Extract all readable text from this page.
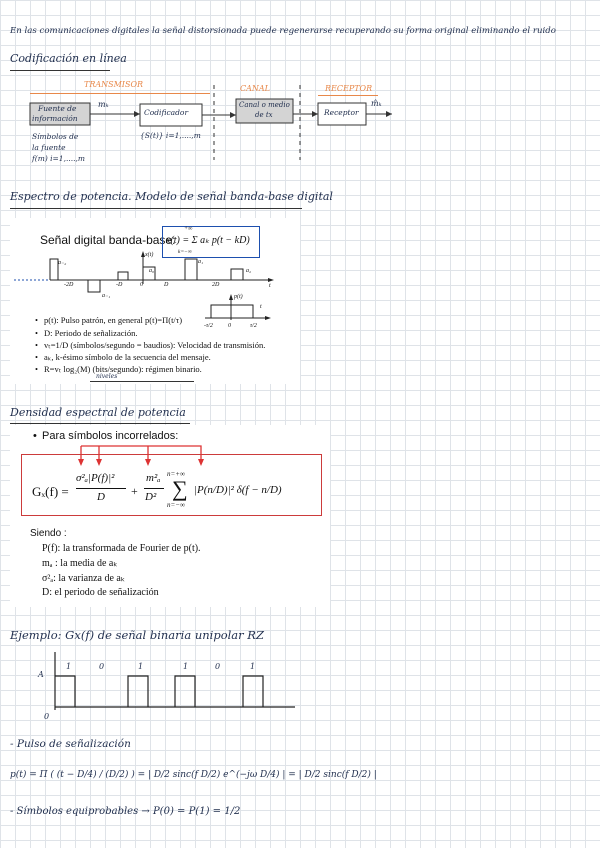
En las comunicaciones digitales la señal distorsionada puede regenerarse recuperando su forma original eliminando el ruido
Codificación en línea
TRANSMISOR	CANAL	RECEPTOR
Fuente de
información
mₖ
Codificador
Canal o medio
de tx	Receptor
m̂ₖ
Símbolos de
la fuente
f(m) i=1,....,m
{S(t)} i=1,....,m
Espectro de potencia. Modelo de señal banda-base digital
Señal digital banda-base:
x(t) = Σ aₖ p(t − kD)
+∞
k=−∞
x(t)
a₋₂
a₋₁
a₀
a₁
a₂
-2D	-D	0	D	2D	t
p(t)
t
-τ/2	0	τ/2
• p(t): Pulso patrón, en general p(t)=Π(t/τ)
• D: Periodo de señalización.
• vₜ=1/D (símbolos/segundo = baudios): Velocidad de transmisión.
• aₖ, k-ésimo símbolo de la secuencia del mensaje.
• R=vₜ log₂(M) (bits/segundo): régimen binario.
niveles
Densidad espectral de potencia
• Para símbolos incorrelados:
Gₓ(f) =
σ²ₐ|P(f)|²
D +
m²ₐ
D²
n=+∞
∑
n=−∞
|P(n/D)|² δ(f − n/D)
Siendo :
P(f): la transformada de Fourier de p(t).
mₐ : la media de aₖ
σ²ₐ: la varianza de aₖ
D: el periodo de señalización
Ejemplo: Gx(f) de señal binaria unipolar RZ
A
0
1	0	1	1	0	1
- Pulso de señalización
p(t) = Π ( (t − D/4) / (D/2) ) = | D/2 sinc(f D/2) e^(−jω D/4) | = | D/2 sinc(f D/2) |
- Símbolos equiprobables → P(0) = P(1) = 1/2
